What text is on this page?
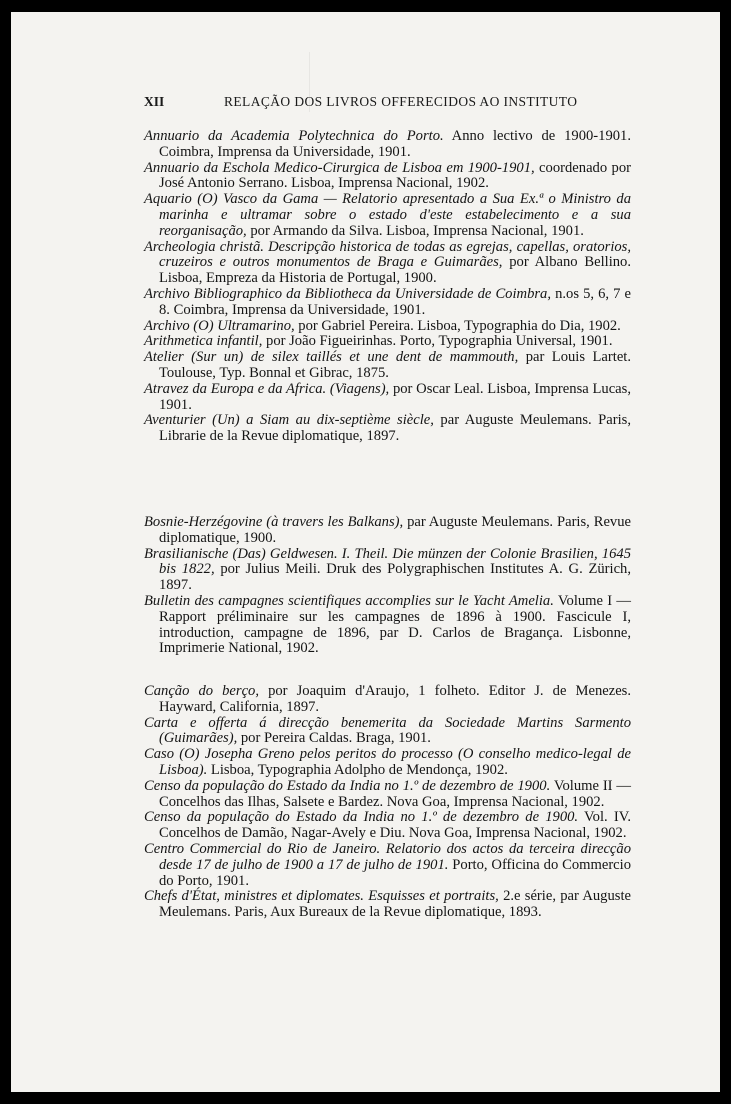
XII	RELAÇÃO DOS LIVROS OFFERECIDOS AO INSTITUTO

Annuario da Academia Polytechnica do Porto. Anno lectivo de 1900-1901. Coimbra, Imprensa da Universidade, 1901.

Annuario da Eschola Medico-Cirurgica de Lisboa em 1900-1901, coordenado por José Antonio Serrano. Lisboa, Imprensa Nacional, 1902.

Aquario (O) Vasco da Gama — Relatorio apresentado a Sua Ex.ª o Ministro da marinha e ultramar sobre o estado d'este estabelecimento e a sua reorganisação, por Armando da Silva. Lisboa, Imprensa Nacional, 1901.

Archeologia christã. Descripção historica de todas as egrejas, capellas, oratorios, cruzeiros e outros monumentos de Braga e Guimarães, por Albano Bellino. Lisboa, Empreza da Historia de Portugal, 1900.

Archivo Bibliographico da Bibliotheca da Universidade de Coimbra, n.os 5, 6, 7 e 8. Coimbra, Imprensa da Universidade, 1901.

Archivo (O) Ultramarino, por Gabriel Pereira. Lisboa, Typographia do Dia, 1902.

Arithmetica infantil, por João Figueirinhas. Porto, Typographia Universal, 1901.

Atelier (Sur un) de silex taillés et une dent de mammouth, par Louis Lartet. Toulouse, Typ. Bonnal et Gibrac, 1875.

Atravez da Europa e da Africa. (Viagens), por Oscar Leal. Lisboa, Imprensa Lucas, 1901.

Aventurier (Un) a Siam au dix-septième siècle, par Auguste Meulemans. Paris, Librarie de la Revue diplomatique, 1897.

Bosnie-Herzégovine (à travers les Balkans), par Auguste Meulemans. Paris, Revue diplomatique, 1900.

Brasilianische (Das) Geldwesen. I. Theil. Die münzen der Colonie Brasilien, 1645 bis 1822, por Julius Meili. Druk des Polygraphischen Institutes A. G. Zürich, 1897.

Bulletin des campagnes scientifiques accomplies sur le Yacht Amelia. Volume I — Rapport préliminaire sur les campagnes de 1896 à 1900. Fascicule I, introduction, campagne de 1896, par D. Carlos de Bragança. Lisbonne, Imprimerie National, 1902.

Canção do berço, por Joaquim d'Araujo, 1 folheto. Editor J. de Menezes. Hayward, California, 1897.

Carta e offerta á direcção benemerita da Sociedade Martins Sarmento (Guimarães), por Pereira Caldas. Braga, 1901.

Caso (O) Josepha Greno pelos peritos do processo (O conselho medico-legal de Lisboa). Lisboa, Typographia Adolpho de Mendonça, 1902.

Censo da população do Estado da India no 1.º de dezembro de 1900. Volume II — Concelhos das Ilhas, Salsete e Bardez. Nova Goa, Imprensa Nacional, 1902.

Censo da população do Estado da India no 1.º de dezembro de 1900. Vol. IV. Concelhos de Damão, Nagar-Avely e Diu. Nova Goa, Imprensa Nacional, 1902.

Centro Commercial do Rio de Janeiro. Relatorio dos actos da terceira direcção desde 17 de julho de 1900 a 17 de julho de 1901. Porto, Officina do Commercio do Porto, 1901.

Chefs d'État, ministres et diplomates. Esquisses et portraits, 2.e série, par Auguste Meulemans. Paris, Aux Bureaux de la Revue diplomatique, 1893.
